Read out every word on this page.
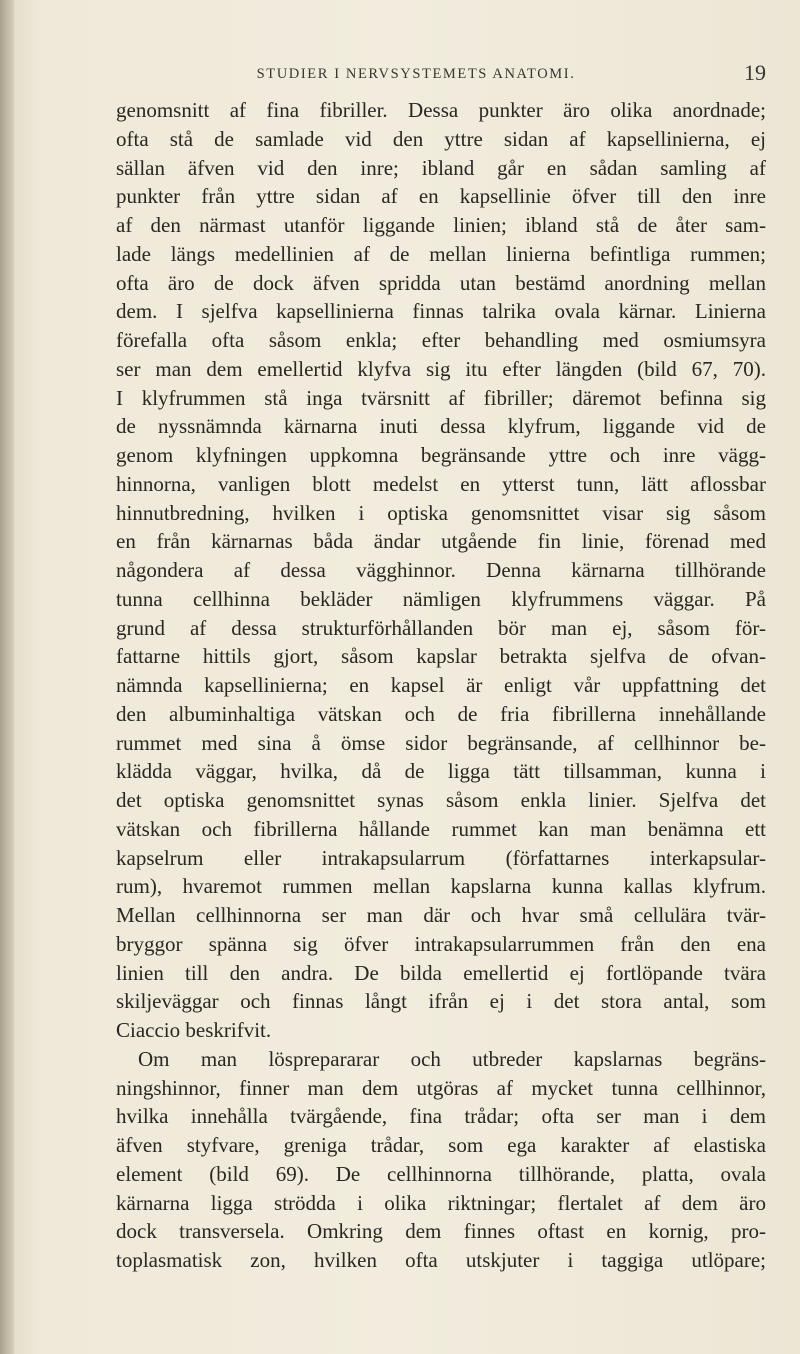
STUDIER I NERVSYSTEMETS ANATOMI.	19
genomsnitt af fina fibriller. Dessa punkter äro olika anordnade;
ofta stå de samlade vid den yttre sidan af kapsellinierna, ej
sällan äfven vid den inre; ibland går en sådan samling af
punkter från yttre sidan af en kapsellinie öfver till den inre
af den närmast utanför liggande linien; ibland stå de åter sam-
lade längs medellinien af de mellan linierna befintliga rummen;
ofta äro de dock äfven spridda utan bestämd anordning mellan
dem. I sjelfva kapsellinierna finnas talrika ovala kärnar. Linierna
förefalla ofta såsom enkla; efter behandling med osmiumsyra
ser man dem emellertid klyfva sig itu efter längden (bild 67, 70).
I klyfrummen stå inga tvärsnitt af fibriller; däremot befinna sig
de nyssnämnda kärnarna inuti dessa klyfrum, liggande vid de
genom klyfningen uppkomna begränsande yttre och inre vägg-
hinnorna, vanligen blott medelst en ytterst tunn, lätt aflossbar
hinnutbredning, hvilken i optiska genomsnittet visar sig såsom
en från kärnarnas båda ändar utgående fin linie, förenad med
någondera af dessa vägghinnor. Denna kärnarna tillhörande
tunna cellhinna bekläder nämligen klyfrummens väggar. På
grund af dessa strukturförhållanden bör man ej, såsom för-
fattarne hittils gjort, såsom kapslar betrakta sjelfva de ofvan-
nämnda kapsellinierna; en kapsel är enligt vår uppfattning det
den albuminhaltiga vätskan och de fria fibrillerna innehållande
rummet med sina å ömse sidor begränsande, af cellhinnor be-
klädda väggar, hvilka, då de ligga tätt tillsamman, kunna i
det optiska genomsnittet synas såsom enkla linier. Sjelfva det
vätskan och fibrillerna hållande rummet kan man benämna ett
kapselrum eller intrakapsularrum (författarnes interkapsular-
rum), hvaremot rummen mellan kapslarna kunna kallas klyfrum.
Mellan cellhinnorna ser man där och hvar små cellulära tvär-
bryggor spänna sig öfver intrakapsularrummen från den ena
linien till den andra. De bilda emellertid ej fortlöpande tvära
skiljeväggar och finnas långt ifrån ej i det stora antal, som
Ciaccio beskrifvit.
Om man lösprepararar och utbreder kapslarnas begräns-
ningshinnor, finner man dem utgöras af mycket tunna cellhinnor,
hvilka innehålla tvärgående, fina trådar; ofta ser man i dem
äfven styfvare, greniga trådar, som ega karakter af elastiska
element (bild 69). De cellhinnorna tillhörande, platta, ovala
kärnarna ligga strödda i olika riktningar; flertalet af dem äro
dock transversela. Omkring dem finnes oftast en kornig, pro-
toplasmatisk zon, hvilken ofta utskjuter i taggiga utlöpare;
